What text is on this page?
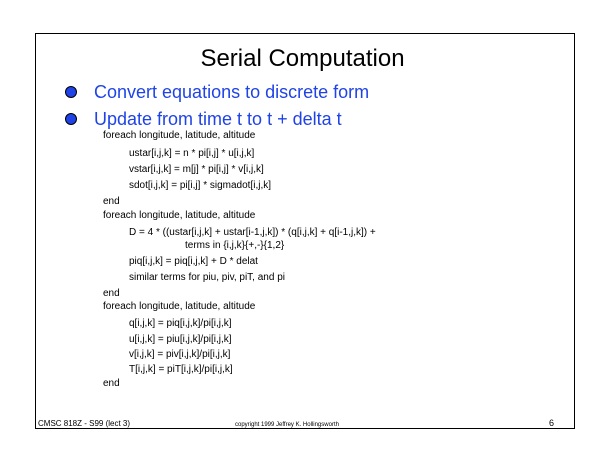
Serial Computation
Convert equations to discrete form
Update from time t to t + delta t
foreach longitude, latitude, altitude
ustar[i,j,k] = n * pi[i,j] * u[i,j,k]
vstar[i,j,k] = m[j] * pi[i,j] * v[i,j,k]
sdot[i,j,k] = pi[i,j] * sigmadot[i,j,k]
end
foreach longitude, latitude, altitude
D = 4 * ((ustar[i,j,k] + ustar[i-1,j,k]) * (q[i,j,k] + q[i-1,j,k]) +
terms in {i,j,k}{+,-}{1,2}
piq[i,j,k] = piq[i,j,k] + D * delat
similar terms for piu, piv, piT, and pi
end
foreach longitude, latitude, altitude
q[i,j,k] = piq[i,j,k]/pi[i,j,k]
u[i,j,k] = piu[i,j,k]/pi[i,j,k]
v[i,j,k] = piv[i,j,k]/pi[i,j,k]
T[i,j,k] = piT[i,j,k]/pi[i,j,k]
end
CMSC 818Z - S99 (lect 3)	copyright 1999 Jeffrey K. Hollingsworth	6
